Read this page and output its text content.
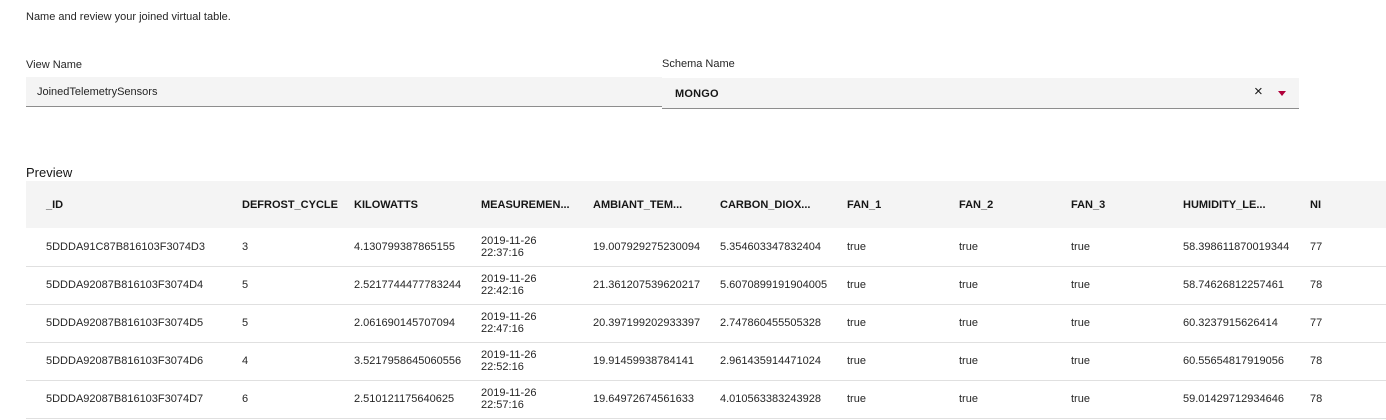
Name and review your joined virtual table.
View Name
JoinedTelemetrySensors
Schema Name
MONGO	×
Preview
_ID	DEFROST_CYCLE	KILOWATTS	MEASUREMEN...	AMBIANT_TEM...	CARBON_DIOX...	FAN_1	FAN_2	FAN_3	HUMIDITY_LE...	NI
5DDDA91C87B816103F3074D3	3	4.130799387865155	2019-11-26 22:37:16	19.007929275230094	5.354603347832404	true	true	true	58.398611870019344	77
5DDDA92087B816103F3074D4	5	2.5217744477783244	2019-11-26 22:42:16	21.361207539620217	5.6070899191904005	true	true	true	58.74626812257461	78
5DDDA92087B816103F3074D5	5	2.061690145707094	2019-11-26 22:47:16	20.397199202933397	2.747860455505328	true	true	true	60.3237915626414	77
5DDDA92087B816103F3074D6	4	3.5217958645060556	2019-11-26 22:52:16	19.91459938784141	2.961435914471024	true	true	true	60.55654817919056	78
5DDDA92087B816103F3074D7	6	2.510121175640625	2019-11-26 22:57:16	19.64972674561633	4.010563383243928	true	true	true	59.01429712934646	78
